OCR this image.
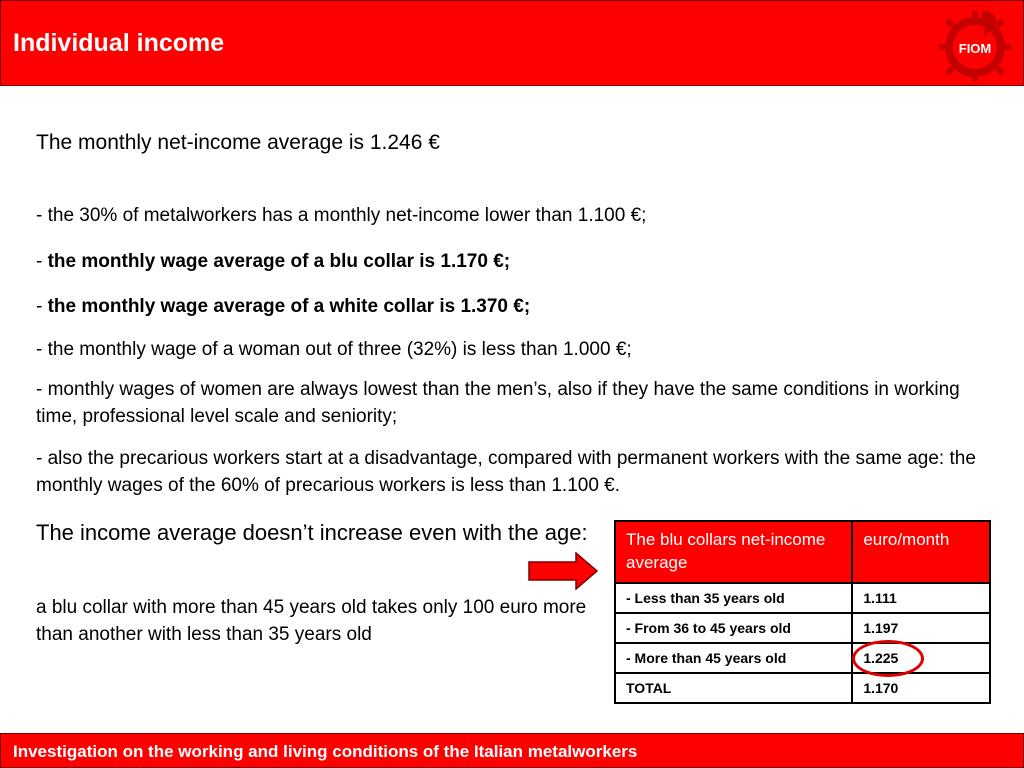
Individual income	FIOM
The monthly net-income average is 1.246 €
- the 30% of metalworkers has a monthly net-income lower than 1.100 €;
- the monthly wage average of a blu collar is 1.170 €;
- the monthly wage average of a white collar is 1.370 €;
- the monthly wage of a woman out of three (32%) is less than 1.000 €;
- monthly wages of women are always lowest than the men’s, also if they have the same conditions in working time, professional level scale and seniority;
- also the precarious workers start at a disadvantage, compared with permanent workers with the same age: the monthly wages of the 60% of precarious workers is less than 1.100 €.
The income average doesn’t increase even with the age:
a blu collar with more than 45 years old takes only 100 euro more than another with less than 35 years old
The blu collars net-income average	euro/month
- Less than 35 years old	1.111
- From 36 to 45 years old	1.197
- More than 45 years old	1.225
TOTAL	1.170
Investigation on the working and living conditions of the Italian metalworkers
